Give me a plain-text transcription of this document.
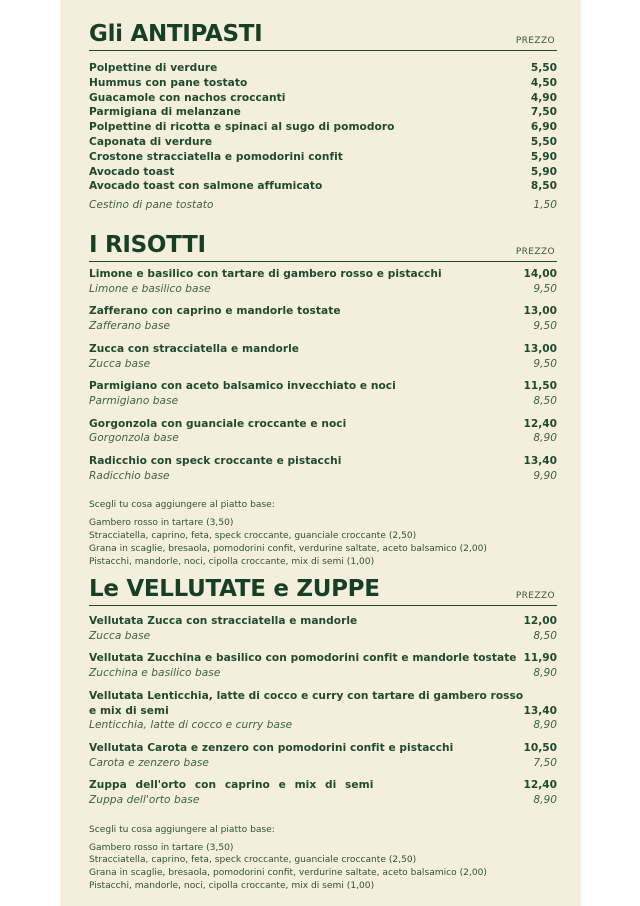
Gli ANTIPASTI	PREZZO
Polpettine di verdure	5,50
Hummus con pane tostato	4,50
Guacamole con nachos croccanti	4,90
Parmigiana di melanzane	7,50
Polpettine di ricotta e spinaci al sugo di pomodoro	6,90
Caponata di verdure	5,50
Crostone stracciatella e pomodorini confit	5,90
Avocado toast	5,90
Avocado toast con salmone affumicato	8,50
Cestino di pane tostato	1,50
I RISOTTI	PREZZO
Limone e basilico con tartare di gambero rosso e pistacchi	14,00
Limone e basilico base	9,50
Zafferano con caprino e mandorle tostate	13,00
Zafferano base	9,50
Zucca con stracciatella e mandorle	13,00
Zucca base	9,50
Parmigiano con aceto balsamico invecchiato e noci	11,50
Parmigiano base	8,50
Gorgonzola con guanciale croccante e noci	12,40
Gorgonzola base	8,90
Radicchio con speck croccante e pistacchi	13,40
Radicchio base	9,90
Scegli tu cosa aggiungere al piatto base:
Gambero rosso in tartare (3,50)
Stracciatella, caprino, feta, speck croccante, guanciale croccante (2,50)
Grana in scaglie, bresaola, pomodorini confit, verdurine saltate, aceto balsamico (2,00)
Pistacchi, mandorle, noci, cipolla croccante, mix di semi (1,00)
Le VELLUTATE e ZUPPE	PREZZO
Vellutata Zucca con stracciatella e mandorle	12,00
Zucca base	8,50
Vellutata Zucchina e basilico con pomodorini confit e mandorle tostate 11,90
Zucchina e basilico base	8,90
Vellutata Lenticchia, latte di cocco e curry con tartare di gambero rosso
e mix di semi	13,40
Lenticchia, latte di cocco e curry base	8,90
Vellutata Carota e zenzero con pomodorini confit e pistacchi	10,50
Carota e zenzero base	7,50
Zuppa dell'orto con caprino e mix di semi	12,40
Zuppa dell'orto base	8,90
Scegli tu cosa aggiungere al piatto base:
Gambero rosso in tartare (3,50)
Stracciatella, caprino, feta, speck croccante, guanciale croccante (2,50)
Grana in scaglie, bresaola, pomodorini confit, verdurine saltate, aceto balsamico (2,00)
Pistacchi, mandorle, noci, cipolla croccante, mix di semi (1,00)
